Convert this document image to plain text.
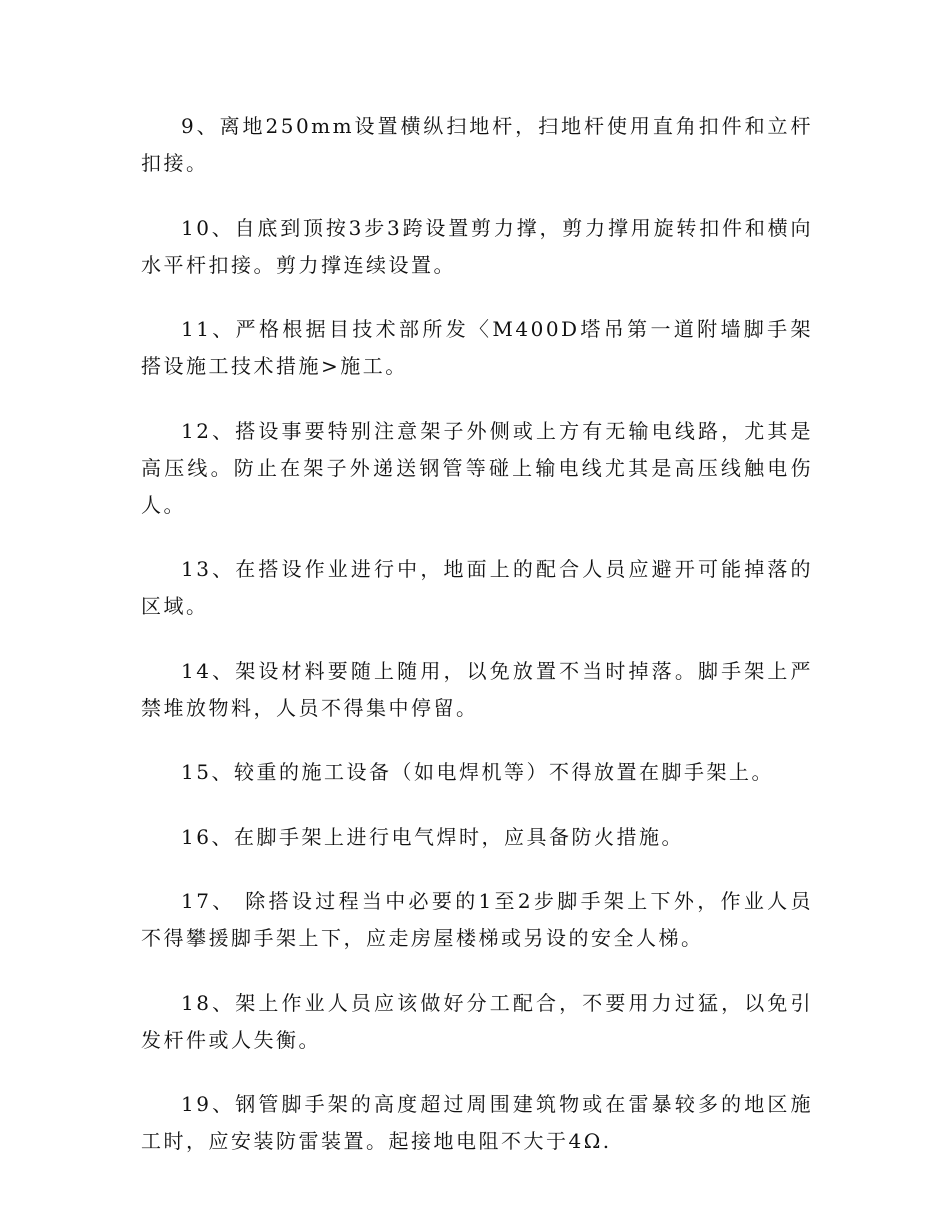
9、离地250mm设置横纵扫地杆，扫地杆使用直角扣件和立杆扣接。

10、自底到顶按3步3跨设置剪力撑，剪力撑用旋转扣件和横向水平杆扣接。剪力撑连续设置。

11、严格根据目技术部所发〈M400D塔吊第一道附墙脚手架搭设施工技术措施>施工。

12、搭设事要特别注意架子外侧或上方有无输电线路，尤其是高压线。防止在架子外递送钢管等碰上输电线尤其是高压线触电伤人。

13、在搭设作业进行中，地面上的配合人员应避开可能掉落的区域。

14、架设材料要随上随用，以免放置不当时掉落。脚手架上严禁堆放物料，人员不得集中停留。

15、较重的施工设备（如电焊机等）不得放置在脚手架上。

16、在脚手架上进行电气焊时，应具备防火措施。

17、 除搭设过程当中必要的1至2步脚手架上下外，作业人员不得攀援脚手架上下，应走房屋楼梯或另设的安全人梯。

18、架上作业人员应该做好分工配合，不要用力过猛，以免引发杆件或人失衡。

19、钢管脚手架的高度超过周围建筑物或在雷暴较多的地区施工时，应安装防雷装置。起接地电阻不大于4Ω.
